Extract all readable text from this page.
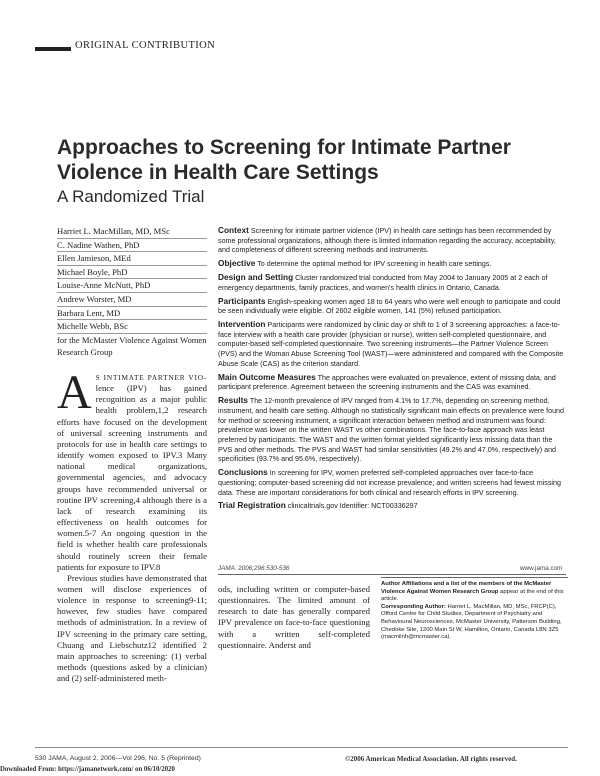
ORIGINAL CONTRIBUTION
Approaches to Screening for Intimate Partner Violence in Health Care Settings
A Randomized Trial
Harriet L. MacMillan, MD, MSc
C. Nadine Wathen, PhD
Ellen Jamieson, MEd
Michael Boyle, PhD
Louise-Anne McNutt, PhD
Andrew Worster, MD
Barbara Lent, MD
Michelle Webb, BSc
for the McMaster Violence Against Women Research Group
Context Screening for intimate partner violence (IPV) in health care settings has been recommended by some professional organizations, although there is limited information regarding the accuracy, acceptability, and completeness of different screening methods and instruments.
Objective To determine the optimal method for IPV screening in health care settings.
Design and Setting Cluster randomized trial conducted from May 2004 to January 2005 at 2 each of emergency departments, family practices, and women's health clinics in Ontario, Canada.
Participants English-speaking women aged 18 to 64 years who were well enough to participate and could be seen individually were eligible. Of 2602 eligible women, 141 (5%) refused participation.
Intervention Participants were randomized by clinic day or shift to 1 of 3 screening approaches: a face-to-face interview with a health care provider (physician or nurse), written self-completed questionnaire, and computer-based self-completed questionnaire. Two screening instruments—the Partner Violence Screen (PVS) and the Woman Abuse Screening Tool (WAST)—were administered and compared with the Composite Abuse Scale (CAS) as the criterion standard.
Main Outcome Measures The approaches were evaluated on prevalence, extent of missing data, and participant preference. Agreement between the screening instruments and the CAS was examined.
Results The 12-month prevalence of IPV ranged from 4.1% to 17.7%, depending on screening method, instrument, and health care setting. Although no statistically significant main effects on prevalence were found for method or screening instrument, a significant interaction between method and instrument was found: prevalence was lower on the written WAST vs other combinations. The face-to-face approach was least preferred by participants. The WAST and the written format yielded significantly less missing data than the PVS and other methods. The PVS and WAST had similar sensitivities (49.2% and 47.0%, respectively) and specificities (93.7% and 95.6%, respectively).
Conclusions In screening for IPV, women preferred self-completed approaches over face-to-face questioning; computer-based screening did not increase prevalence; and written screens had fewest missing data. These are important considerations for both clinical and research efforts in IPV screening.
Trial Registration clinicaltrials.gov Identifier: NCT00336297
JAMA. 2006;296:530-536	www.jama.com
A S INTIMATE PARTNER VIO- lence (IPV) has gained recognition as a major public health problem,1,2 research efforts have focused on the development of universal screening instruments and protocols for use in health care settings to identify women exposed to IPV.3 Many national medical organizations, governmental agencies, and advocacy groups have recommended universal or routine IPV screening,4 although there is a lack of research examining its effectiveness on health outcomes for women.5-7 An ongoing question in the field is whether health care professionals should routinely screen their female patients for exposure to IPV.8
Previous studies have demonstrated that women will disclose experiences of violence in response to screening9-11; however, few studies have compared methods of administration. In a review of IPV screening in the primary care setting, Chuang and Liebschutz12 identified 2 main approaches to screening: (1) verbal methods (questions asked by a clinician) and (2) self-administered meth-
ods, including written or computer-based questionnaires. The limited amount of research to date has generally compared IPV prevalence on face-to-face questioning with a written self-completed questionnaire. Anderst and
Author Affiliations and a list of the members of the McMaster Violence Against Women Research Group appear at the end of this article.
Corresponding Author: Harriet L. MacMillan, MD, MSc, FRCP(C), Offord Centre for Child Studies, Department of Psychiatry and Behavioural Neurosciences, McMaster University, Patterson Building, Chedoke Site, 1200 Main St W, Hamilton, Ontario, Canada L8N 3Z5 (macmilnh@mcmaster.ca).
530 JAMA, August 2, 2006—Vol 296, No. 5 (Reprinted)	©2006 American Medical Association. All rights reserved.
Downloaded From: https://jamanetwork.com/ on 06/10/2020
